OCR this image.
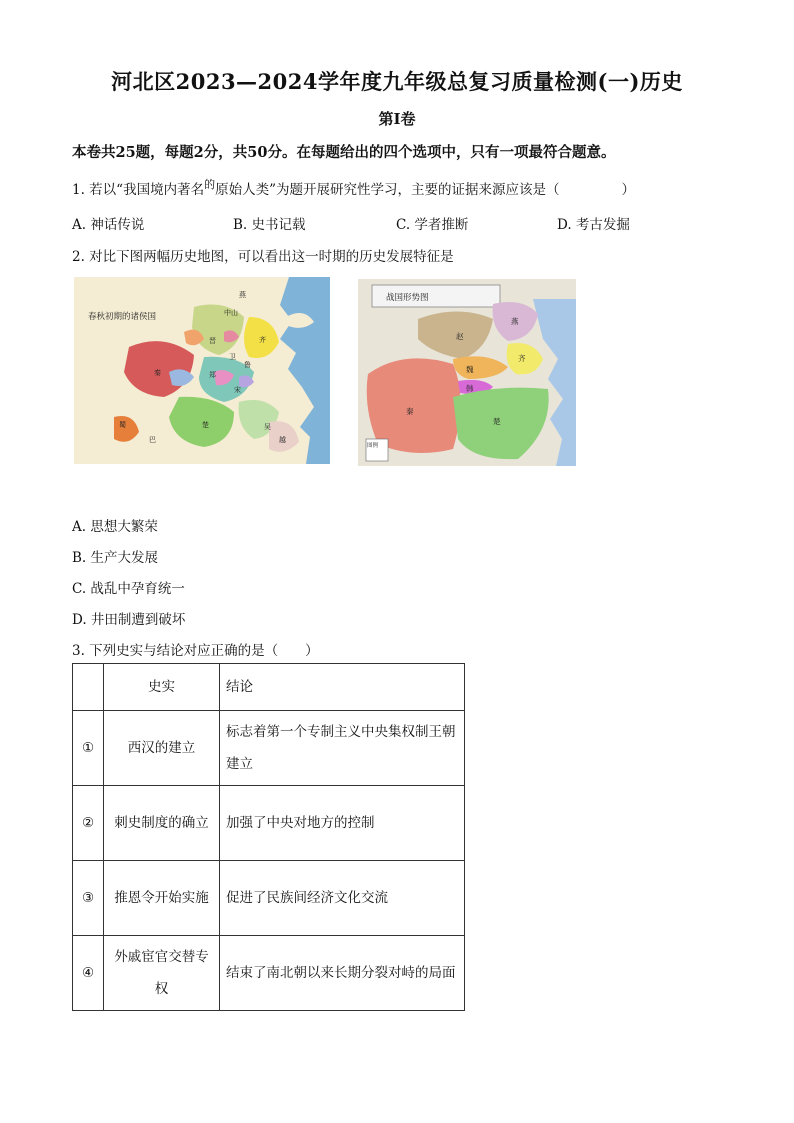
河北区2023—2024学年度九年级总复习质量检测(一)历史
第Ⅰ卷
本卷共25题，每题2分，共50分。在每题给出的四个选项中，只有一项最符合题意。
1. 若以“我国境内著名$^的$原始人类”为题开展研究性学习，主要的证据来源应该是（	）
A. 神话传说	B. 史书记载	C. 学者推断	D. 考古发掘
2. 对比下图两幅历史地图，可以看出这一时期的历史发展特征是
春秋初期的诸侯国
燕
中山
晋	齐
秦
楚	吴
越
蜀
巴
鲁
宋
郑
卫
战国形势图
燕
赵
魏
齐
韩
秦
楚
图例
A. 思想大繁荣
B. 生产大发展
C. 战乱中孕育统一
D. 井田制遭到破坏
3. 下列史实与结论对应正确的是（　　）
	史实	结论
①	西汉的建立	标志着第一个专制主义中央集权制王朝建立
②	刺史制度的确立	加强了中央对地方的控制
③	推恩令开始实施	促进了民族间经济文化交流
④	外戚宦官交替专权	结束了南北朝以来长期分裂对峙的局面
